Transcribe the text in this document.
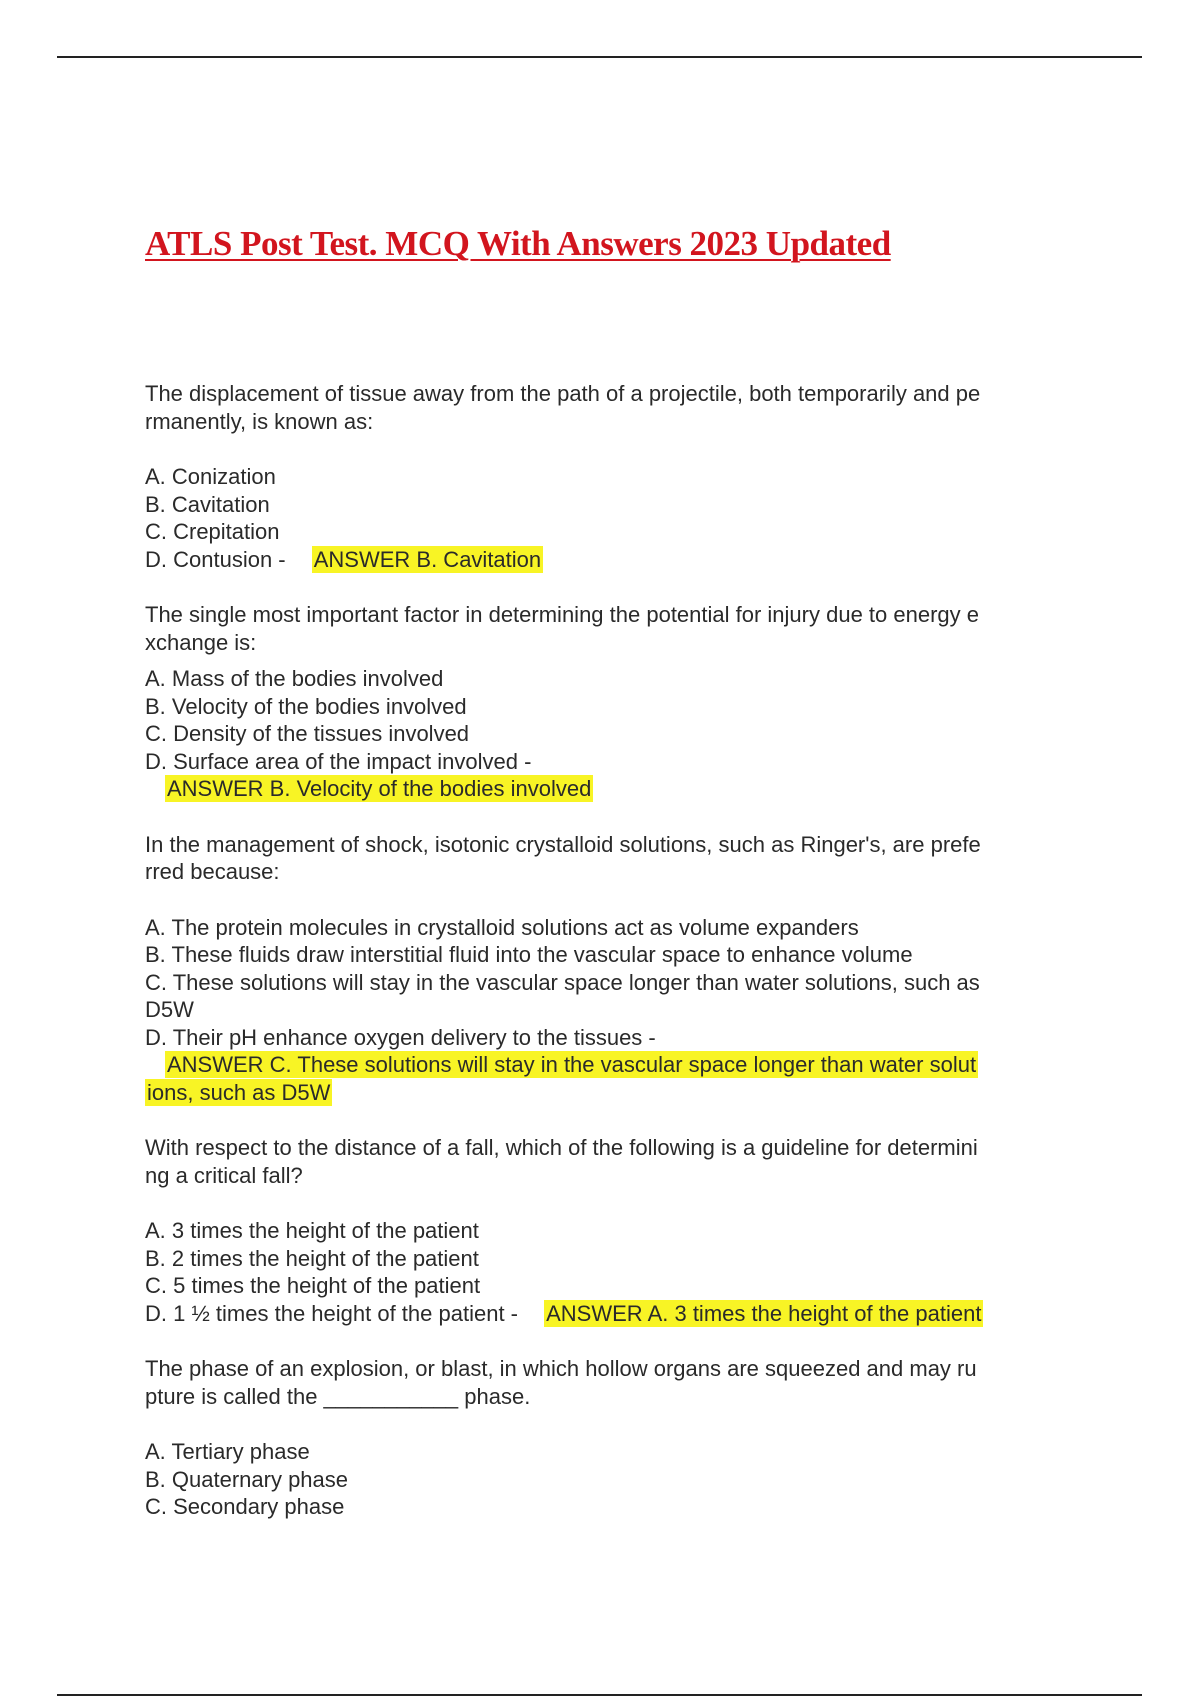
ATLS Post Test. MCQ With Answers 2023 Updated

The displacement of tissue away from the path of a projectile, both temporarily and pe
rmanently, is known as:

A. Conization
B. Cavitation
C. Crepitation
D. Contusion - ANSWER B. Cavitation

The single most important factor in determining the potential for injury due to energy e
xchange is:

A. Mass of the bodies involved
B. Velocity of the bodies involved
C. Density of the tissues involved
D. Surface area of the impact involved -
ANSWER B. Velocity of the bodies involved

In the management of shock, isotonic crystalloid solutions, such as Ringer's, are prefe
rred because:

A. The protein molecules in crystalloid solutions act as volume expanders
B. These fluids draw interstitial fluid into the vascular space to enhance volume
C. These solutions will stay in the vascular space longer than water solutions, such as
D5W
D. Their pH enhance oxygen delivery to the tissues -
ANSWER C. These solutions will stay in the vascular space longer than water solut
ions, such as D5W

With respect to the distance of a fall, which of the following is a guideline for determini
ng a critical fall?

A. 3 times the height of the patient
B. 2 times the height of the patient
C. 5 times the height of the patient
D. 1 ½ times the height of the patient - ANSWER A. 3 times the height of the patient

The phase of an explosion, or blast, in which hollow organs are squeezed and may ru
pture is called the ___________ phase.

A. Tertiary phase
B. Quaternary phase
C. Secondary phase
